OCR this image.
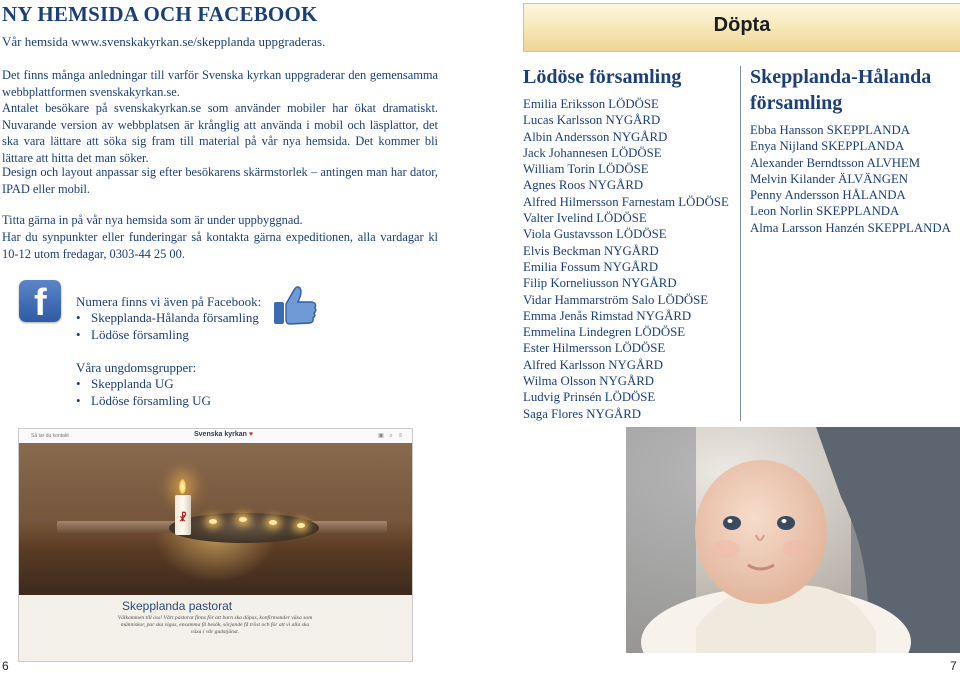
NY HEMSIDA OCH FACEBOOK
Vår hemsida www.svenskakyrkan.se/skepplanda uppgraderas.

Det finns många anledningar till varför Svenska kyrkan uppgraderar den gemensamma webbplattformen svenskakyrkan.se.

Antalet besökare på svenskakyrkan.se som använder mobiler har ökat dramatiskt. Nuvarande version av webbplatsen är krånglig att använda i mobil och läsplattor, det ska vara lättare att söka sig fram till material på vår nya hemsida. Det kommer bli lättare att hitta det man söker.

Design och layout anpassar sig efter besökarens skärmstorlek – antingen man har dator, IPAD eller mobil.

Titta gärna in på vår nya hemsida som är under uppbyggnad.

Har du synpunkter eller funderingar så kontakta gärna expeditionen, alla vardagar kl 10-12 utom fredagar, 0303-44 25 00.

f Numera finns vi även på Facebook:
• Skepplanda-Hålanda församling
• Lödöse församling
Våra ungdomsgrupper:
• Skepplanda UG
• Lödöse församling UG
Så tar du kontakt	Svenska kyrkan ♥	▣ ⌕ ≡
☧
Skepplanda pastorat
Välkommen till oss! Vårt pastorat finns för att barn ska döpas, konfirmander växa som människor, par ska vigas, ensamma få besök, sörjande få tröst och för att vi alla ska växa i vår gudstjänst.
6
Döpta
Lödöse församling
Emilia Eriksson LÖDÖSE
Lucas Karlsson NYGÅRD
Albin Andersson NYGÅRD
Jack Johannesen LÖDÖSE
William Torin LÖDÖSE
Agnes Roos NYGÅRD
Alfred Hilmersson Farnestam LÖDÖSE
Valter Ivelind LÖDÖSE
Viola Gustavsson LÖDÖSE
Elvis Beckman NYGÅRD
Emilia Fossum NYGÅRD
Filip Korneliusson NYGÅRD
Vidar Hammarström Salo LÖDÖSE
Emma Jenås Rimstad NYGÅRD
Emmelina Lindegren LÖDÖSE
Ester Hilmersson LÖDÖSE
Alfred Karlsson NYGÅRD
Wilma Olsson NYGÅRD
Ludvig Prinsén LÖDÖSE
Saga Flores NYGÅRD
Skepplanda-Hålanda
församling
Ebba Hansson SKEPPLANDA
Enya Nijland SKEPPLANDA
Alexander Berndtsson ALVHEM
Melvin Kilander ÄLVÄNGEN
Penny Andersson HÅLANDA
Leon Norlin SKEPPLANDA
Alma Larsson Hanzén SKEPPLANDA
7
